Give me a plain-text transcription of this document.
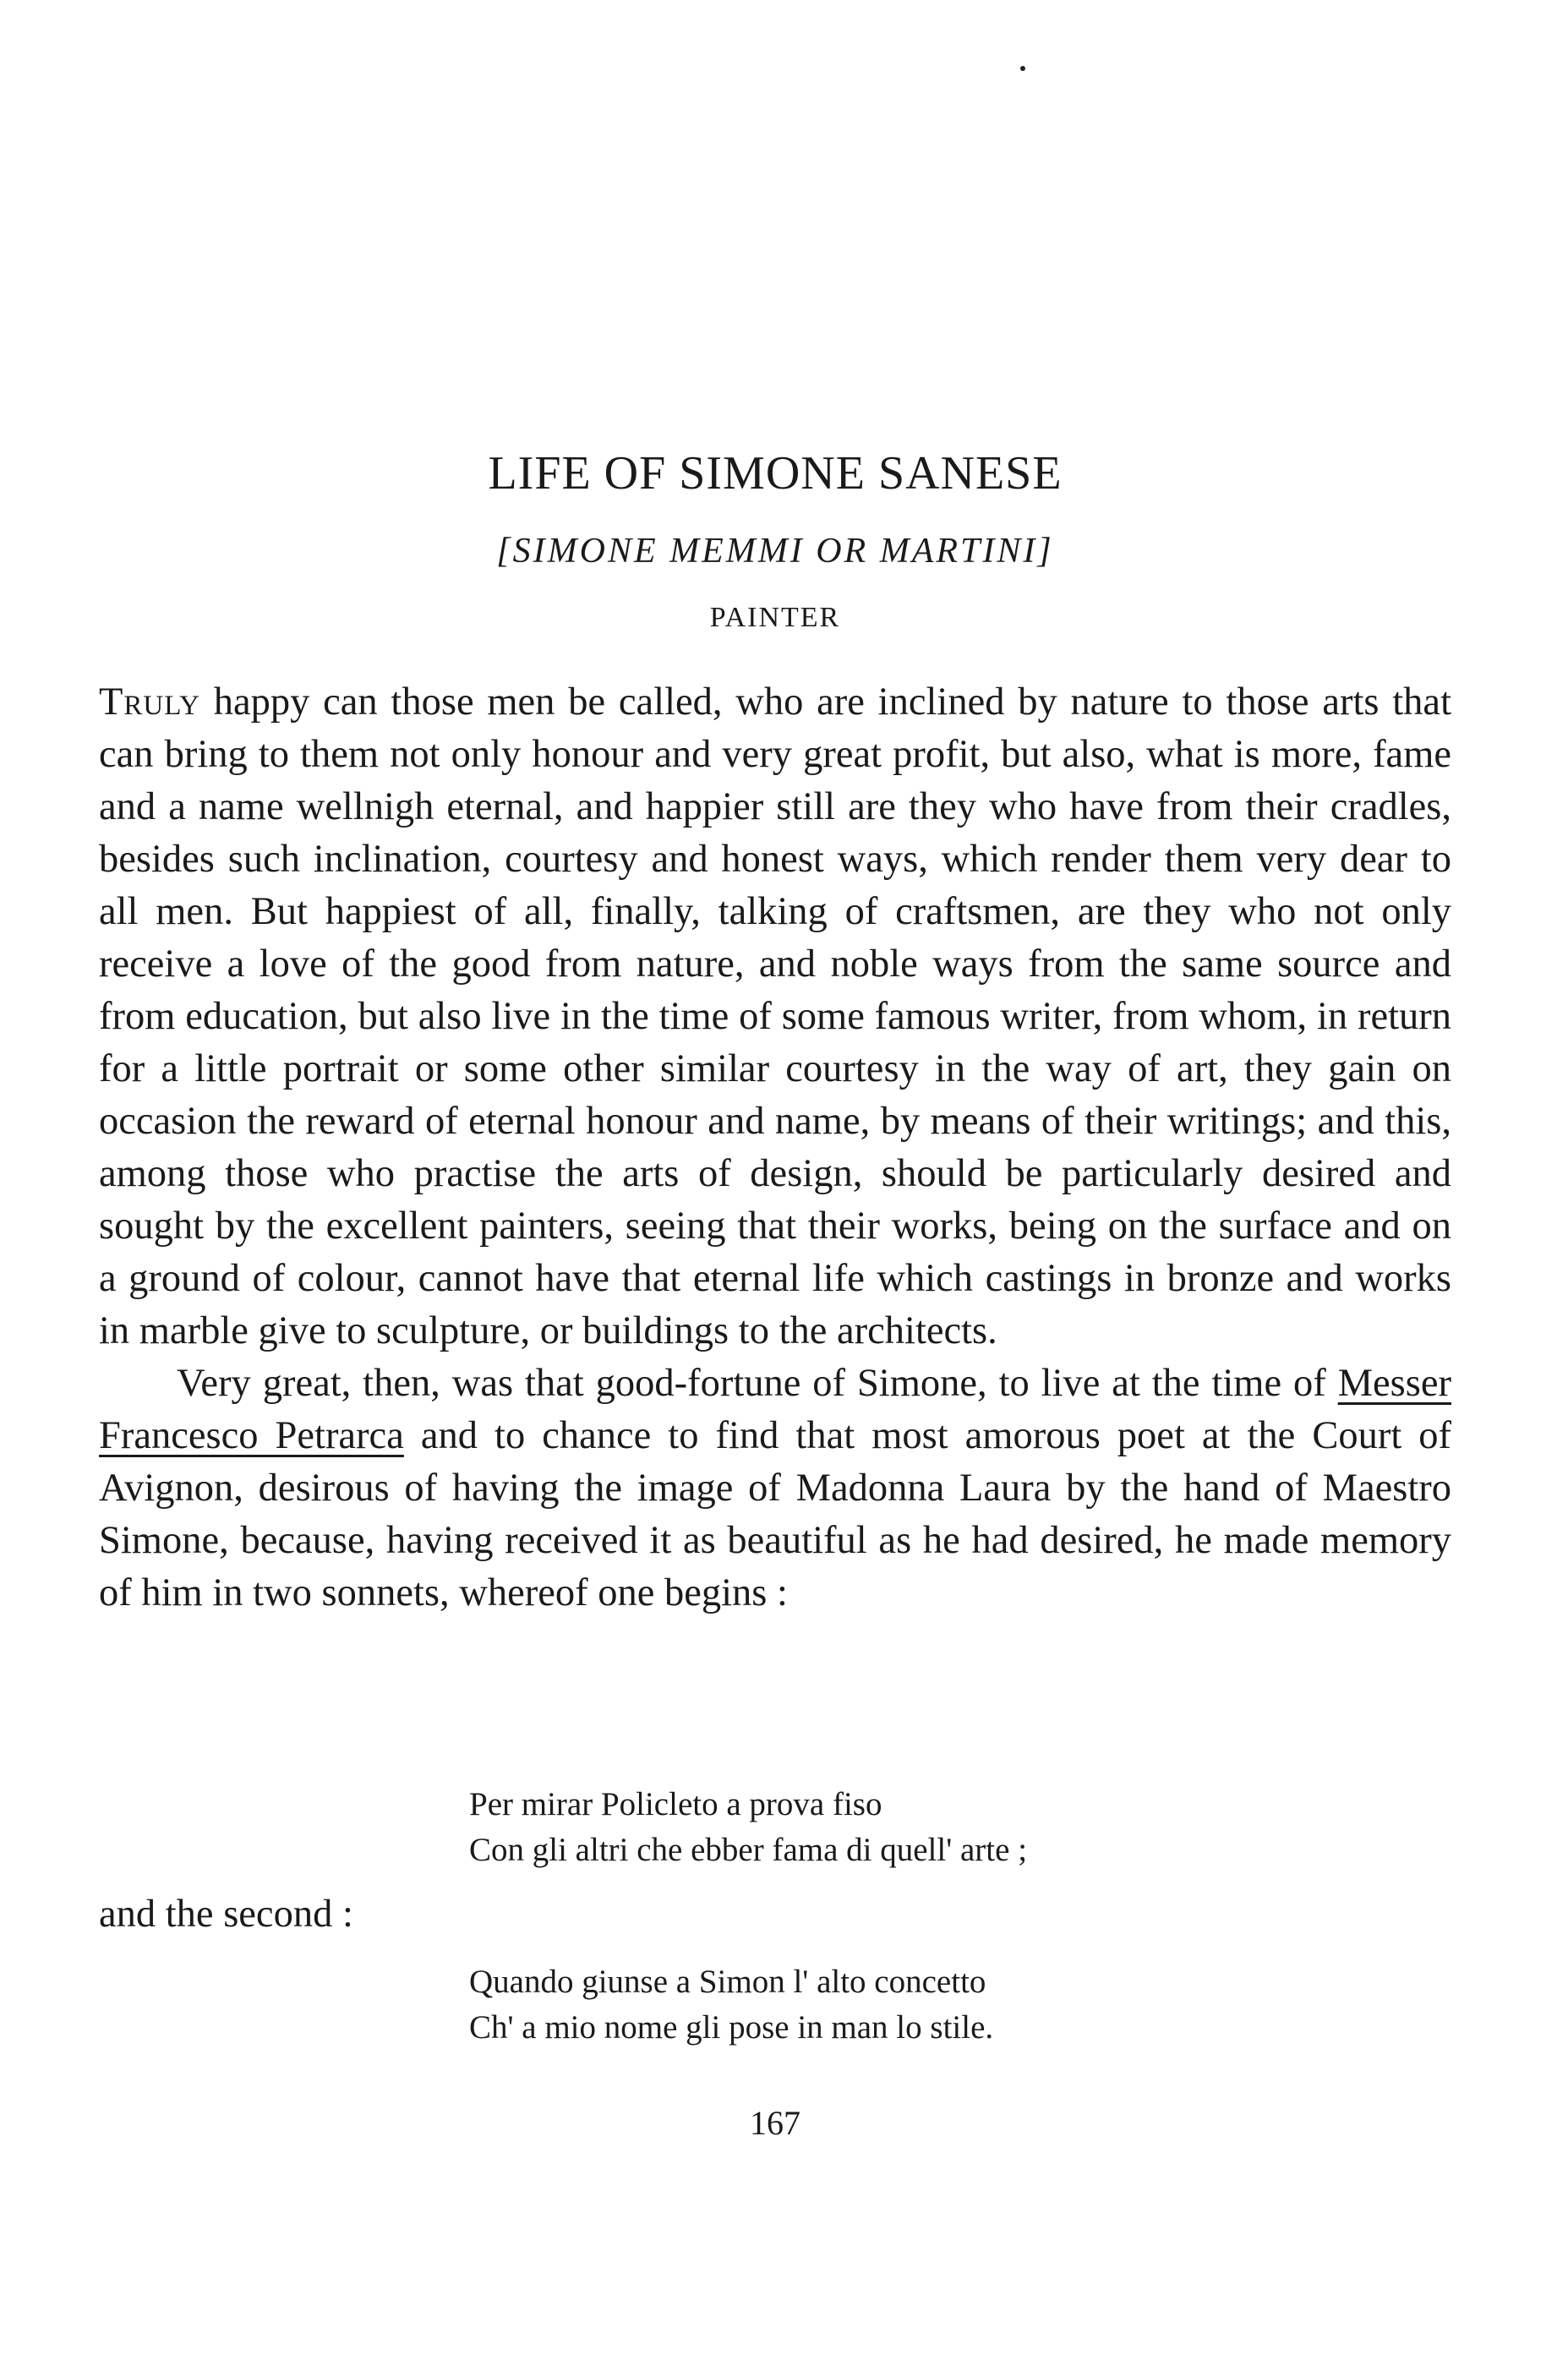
LIFE OF SIMONE SANESE
[SIMONE MEMMI OR MARTINI]
PAINTER

Truly happy can those men be called, who are inclined by nature to those arts that can bring to them not only honour and very great profit, but also, what is more, fame and a name wellnigh eternal, and happier still are they who have from their cradles, besides such inclination, courtesy and honest ways, which render them very dear to all men. But happiest of all, finally, talking of craftsmen, are they who not only receive a love of the good from nature, and noble ways from the same source and from education, but also live in the time of some famous writer, from whom, in return for a little portrait or some other similar courtesy in the way of art, they gain on occasion the reward of eternal honour and name, by means of their writings; and this, among those who practise the arts of design, should be particularly desired and sought by the excellent painters, seeing that their works, being on the surface and on a ground of colour, cannot have that eternal life which castings in bronze and works in marble give to sculpture, or buildings to the architects.

Very great, then, was that good-fortune of Simone, to live at the time of Messer Francesco Petrarca and to chance to find that most amorous poet at the Court of Avignon, desirous of having the image of Madonna Laura by the hand of Maestro Simone, because, having received it as beautiful as he had desired, he made memory of him in two sonnets, whereof one begins :

Per mirar Policleto a prova fiso
Con gli altri che ebber fama di quell' arte ;
and the second :
Quando giunse a Simon l' alto concetto
Ch' a mio nome gli pose in man lo stile.
167
